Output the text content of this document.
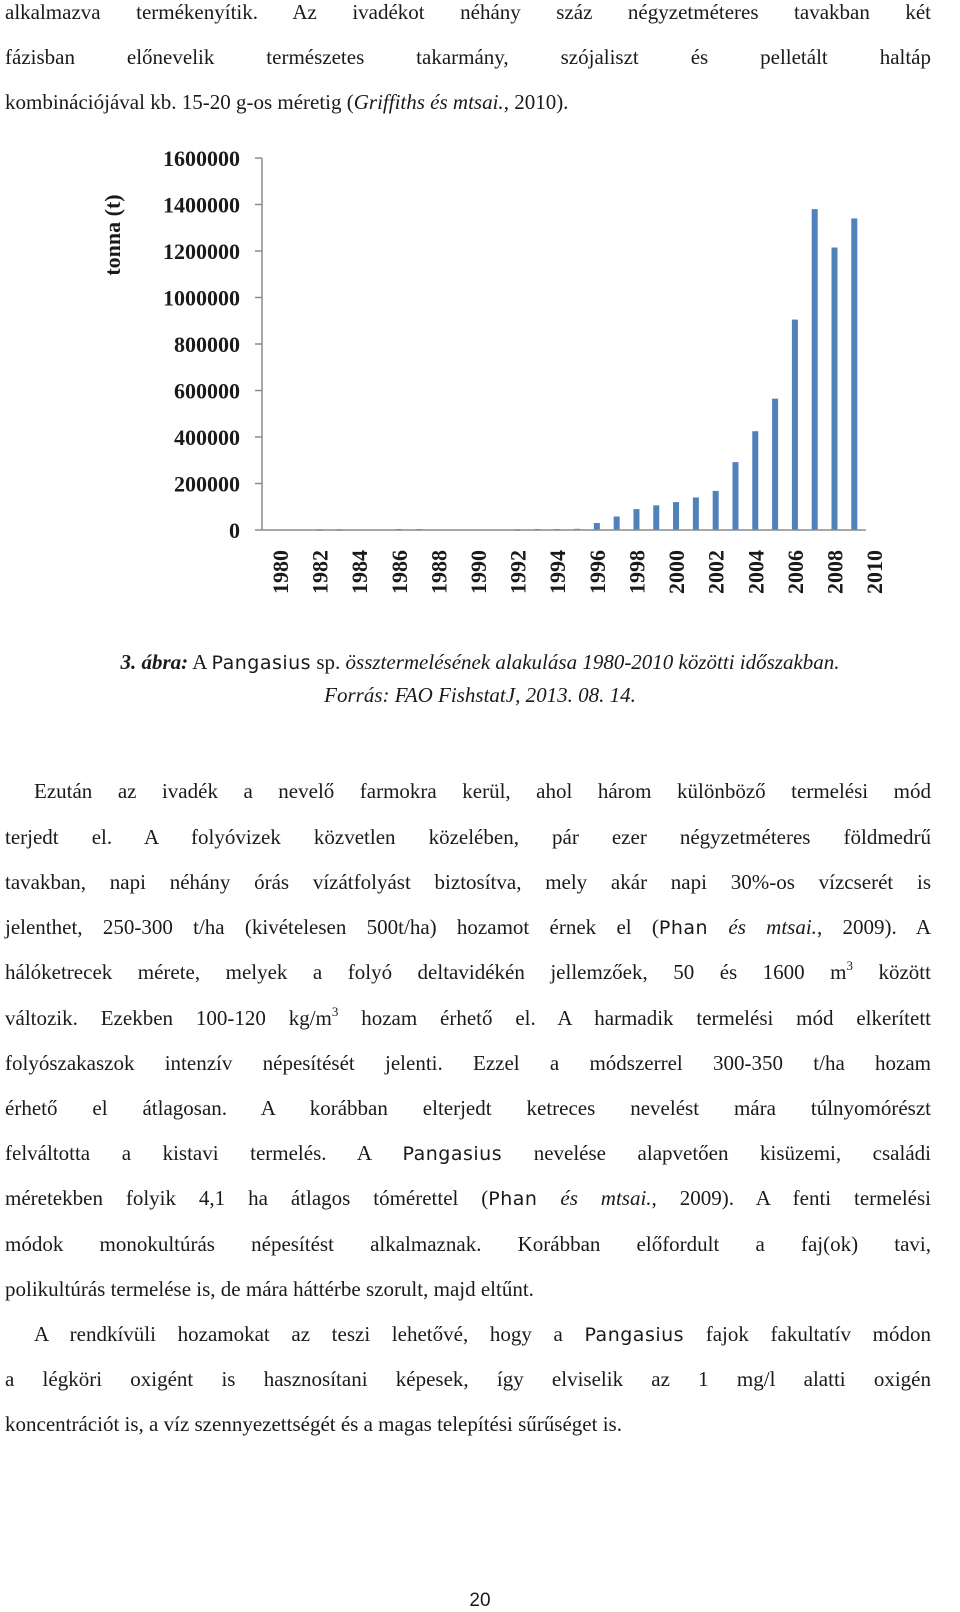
alkalmazva termékenyítik. Az ivadékot néhány száz négyzetméteres tavakban két
fázisban előnevelik természetes takarmány, szójaliszt és pelletált haltáp
kombinációjával kb. 15-20 g-os méretig (Griffiths és mtsai., 2010).
tonna (t)
1600000
1400000
1200000
1000000
800000
600000
400000
200000
0
1980 1982 1984 1986 1988 1990 1992 1994 1996 1998 2000 2002 2004 2006 2008 2010
3. ábra: A Pangasius sp. össztermelésének alakulása 1980-2010 közötti időszakban.
Forrás: FAO FishstatJ, 2013. 08. 14.
Ezután az ivadék a nevelő farmokra kerül, ahol három különböző termelési mód
terjedt el. A folyóvizek közvetlen közelében, pár ezer négyzetméteres földmedrű
tavakban, napi néhány órás vízátfolyást biztosítva, mely akár napi 30%-os vízcserét is
jelenthet, 250-300 t/ha (kivételesen 500t/ha) hozamot érnek el (Phan és mtsai., 2009). A
hálóketrecek mérete, melyek a folyó deltavidékén jellemzőek, 50 és 1600 $m^3$ között
változik. Ezekben 100-120 $kg/m^3$ hozam érhető el. A harmadik termelési mód elkerített
folyószakaszok intenzív népesítését jelenti. Ezzel a módszerrel 300-350 t/ha hozam
érhető el átlagosan. A korábban elterjedt ketreces nevelést mára túlnyomórészt
felváltotta a kistavi termelés. A Pangasius nevelése alapvetően kisüzemi, családi
méretekben folyik 4,1 ha átlagos tómérettel (Phan és mtsai., 2009). A fenti termelési
módok monokultúrás népesítést alkalmaznak. Korábban előfordult a faj(ok) tavi,
polikultúrás termelése is, de mára háttérbe szorult, majd eltűnt.
A rendkívüli hozamokat az teszi lehetővé, hogy a Pangasius fajok fakultatív módon
a légköri oxigént is hasznosítani képesek, így elviselik az 1 mg/l alatti oxigén
koncentrációt is, a víz szennyezettségét és a magas telepítési sűrűséget is.
20
